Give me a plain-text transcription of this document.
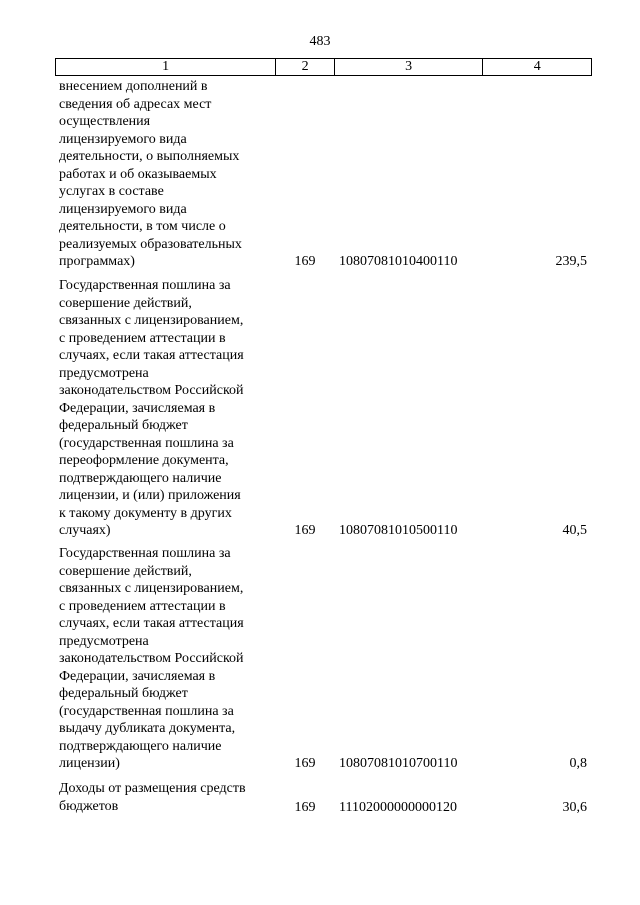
483
1	2	3	4

внесением дополнений в

сведения об адресах мест

осуществления

лицензируемого вида

деятельности, о выполняемых

работах и об оказываемых

услугах в составе

лицензируемого вида

деятельности, в том числе о

реализуемых образовательных

программах)	169	10807081010400110	239,5

Государственная пошлина за

совершение действий,

связанных с лицензированием,

с проведением аттестации в

случаях, если такая аттестация

предусмотрена

законодательством Российской

Федерации, зачисляемая в

федеральный бюджет

(государственная пошлина за

переоформление документа,

подтверждающего наличие

лицензии, и (или) приложения

к такому документу в других

случаях)	169	10807081010500110	40,5

Государственная пошлина за

совершение действий,

связанных с лицензированием,

с проведением аттестации в

случаях, если такая аттестация

предусмотрена

законодательством Российской

Федерации, зачисляемая в

федеральный бюджет

(государственная пошлина за

выдачу дубликата документа,

подтверждающего наличие

лицензии)	169	10807081010700110	0,8

Доходы от размещения средств

бюджетов	169	11102000000000120	30,6
